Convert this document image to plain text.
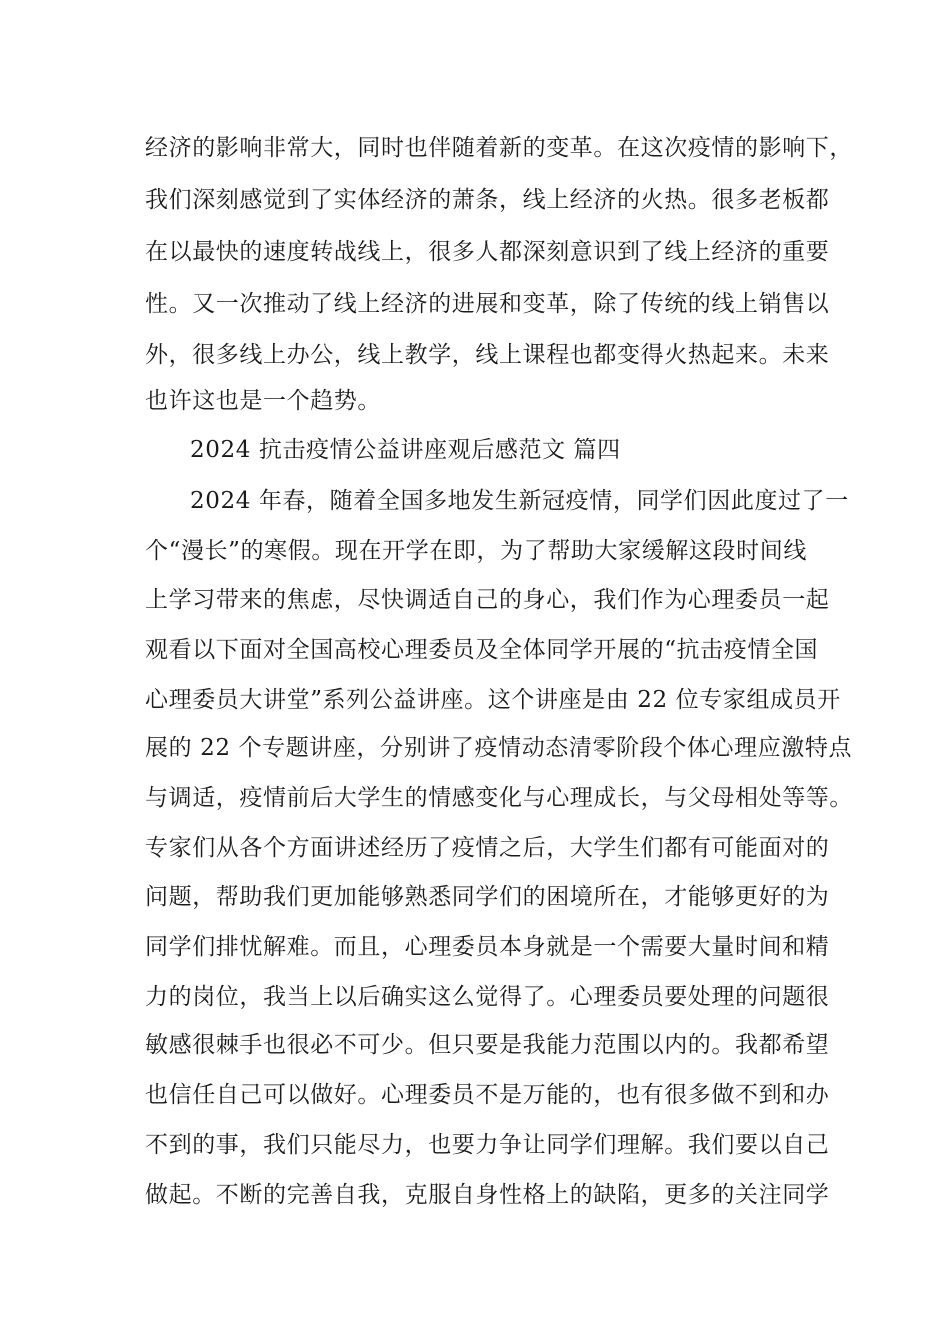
经济的影响非常大，同时也伴随着新的变革。在这次疫情的影响下，
我们深刻感觉到了实体经济的萧条，线上经济的火热。很多老板都
在以最快的速度转战线上，很多人都深刻意识到了线上经济的重要
性。又一次推动了线上经济的进展和变革，除了传统的线上销售以
外，很多线上办公，线上教学，线上课程也都变得火热起来。未来
也许这也是一个趋势。
2024 抗击疫情公益讲座观后感范文 篇四
2024 年春，随着全国多地发生新冠疫情，同学们因此度过了一
个“漫长”的寒假。现在开学在即，为了帮助大家缓解这段时间线
上学习带来的焦虑，尽快调适自己的身心，我们作为心理委员一起
观看以下面对全国高校心理委员及全体同学开展的“抗击疫情全国
心理委员大讲堂”系列公益讲座。这个讲座是由 22 位专家组成员开
展的 22 个专题讲座，分别讲了疫情动态清零阶段个体心理应激特点
与调适，疫情前后大学生的情感变化与心理成长，与父母相处等等。
专家们从各个方面讲述经历了疫情之后，大学生们都有可能面对的
问题，帮助我们更加能够熟悉同学们的困境所在，才能够更好的为
同学们排忧解难。而且，心理委员本身就是一个需要大量时间和精
力的岗位，我当上以后确实这么觉得了。心理委员要处理的问题很
敏感很棘手也很必不可少。但只要是我能力范围以内的。我都希望
也信任自己可以做好。心理委员不是万能的，也有很多做不到和办
不到的事，我们只能尽力，也要力争让同学们理解。我们要以自己
做起。不断的完善自我，克服自身性格上的缺陷，更多的关注同学
